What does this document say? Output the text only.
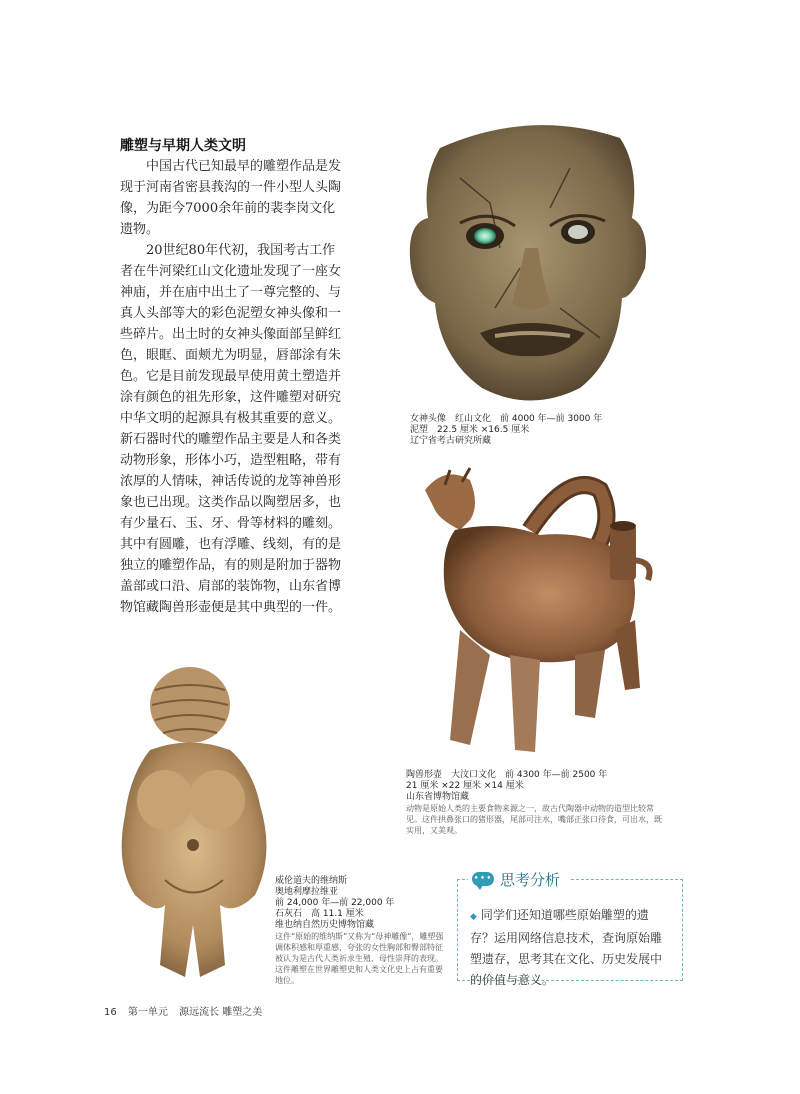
雕塑与早期人类文明

中国古代已知最早的雕塑作品是发现于河南省密县莪沟的一件小型人头陶像，为距今7000余年前的裴李岗文化遗物。

20世纪80年代初，我国考古工作者在牛河梁红山文化遗址发现了一座女神庙，并在庙中出土了一尊完整的、与真人头部等大的彩色泥塑女神头像和一些碎片。出土时的女神头像面部呈鲜红色，眼眶、面颊尤为明显，唇部涂有朱色。它是目前发现最早使用黄土塑造并涂有颜色的祖先形象，这件雕塑对研究中华文明的起源具有极其重要的意义。新石器时代的雕塑作品主要是人和各类动物形象，形体小巧，造型粗略，带有浓厚的人情味，神话传说的龙等神兽形象也已出现。这类作品以陶塑居多，也有少量石、玉、牙、骨等材料的雕刻。其中有圆雕，也有浮雕、线刻，有的是独立的雕塑作品，有的则是附加于器物盖部或口沿、肩部的装饰物，山东省博物馆藏陶兽形壶便是其中典型的一件。

女神头像　红山文化　前 4000 年—前 3000 年
泥塑　22.5 厘米 ×16.5 厘米
辽宁省考古研究所藏
陶兽形壶　大汶口文化　前 4300 年—前 2500 年
21 厘米 ×22 厘米 ×14 厘米
山东省博物馆藏
动物是原始人类的主要食物来源之一，故古代陶器中动物的造型比较常见。这件拱鼻张口的猪形器，尾部可注水，嘴部正张口待食，可出水，既实用，又美观。
威伦道夫的维纳斯
奥地利摩拉维亚
前 24,000 年—前 22,000 年
石灰石　高 11.1 厘米
维也纳自然历史博物馆藏
这件“原始的维纳斯”又称为“母神雕像”，雕塑强调体积感和厚重感，夸张的女性胸部和臀部特征被认为是古代人类祈求生殖、母性崇拜的表现。这件雕塑在世界雕塑史和人类文化史上占有重要地位。
••• 思考分析
◆ 同学们还知道哪些原始雕塑的遗存？运用网络信息技术，查询原始雕塑遗存，思考其在文化、历史发展中的价值与意义。
16 第一单元 源远流长 雕塑之美
